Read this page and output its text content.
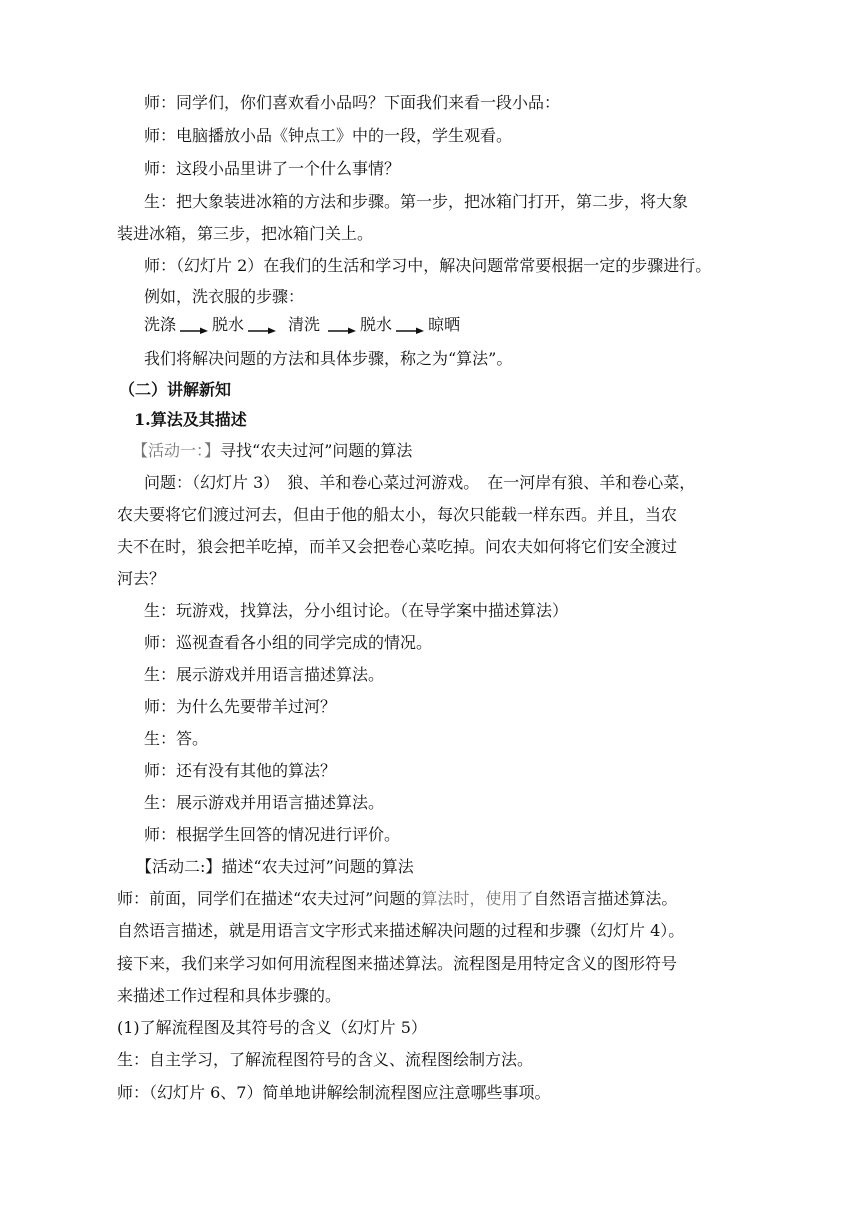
师：同学们，你们喜欢看小品吗？下面我们来看一段小品：
师：电脑播放小品《钟点工》中的一段，学生观看。
师：这段小品里讲了一个什么事情？
生：把大象装进冰箱的方法和步骤。第一步，把冰箱门打开，第二步，将大象
装进冰箱，第三步，把冰箱门关上。
师：（幻灯片 2）在我们的生活和学习中，解决问题常常要根据一定的步骤进行。
例如，洗衣服的步骤：
洗涤 脱水	清洗	脱水 晾晒
我们将解决问题的方法和具体步骤，称之为“算法”。
（二）讲解新知
1.算法及其描述
【活动一：】寻找“农夫过河”问题的算法
问题：（幻灯片 3）　狼、羊和卷心菜过河游戏。　在一河岸有狼、羊和卷心菜，
农夫要将它们渡过河去，但由于他的船太小，每次只能载一样东西。并且，当农
夫不在时，狼会把羊吃掉，而羊又会把卷心菜吃掉。问农夫如何将它们安全渡过
河去？
生：玩游戏，找算法，分小组讨论。（在导学案中描述算法）
师：巡视查看各小组的同学完成的情况。
生：展示游戏并用语言描述算法。
师：为什么先要带羊过河？
生：答。
师：还有没有其他的算法？
生：展示游戏并用语言描述算法。
师：根据学生回答的情况进行评价。
【活动二:】描述“农夫过河”问题的算法
师：前面，同学们在描述“农夫过河”问题的算法时，使用了自然语言描述算法。
自然语言描述，就是用语言文字形式来描述解决问题的过程和步骤（幻灯片 4）。
接下来，我们来学习如何用流程图来描述算法。流程图是用特定含义的图形符号
来描述工作过程和具体步骤的。
(1)了解流程图及其符号的含义（幻灯片 5）
生：自主学习，了解流程图符号的含义、流程图绘制方法。
师：（幻灯片 6、7）简单地讲解绘制流程图应注意哪些事项。
